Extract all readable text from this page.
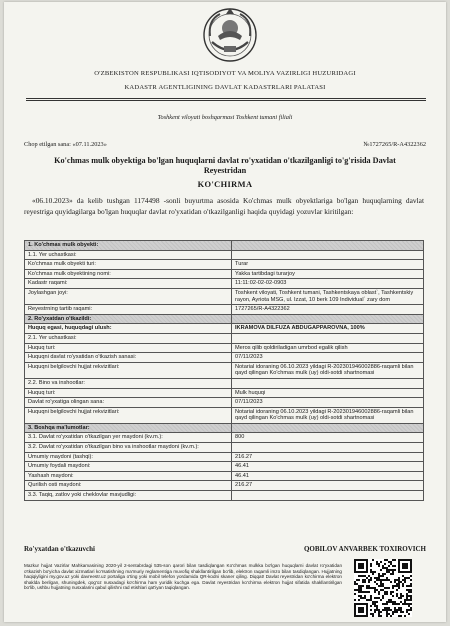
O'ZBEKISTON RESPUBLIKASI IQTISODIYOT VA MOLIYA VAZIRLIGI HUZURIDAGI
KADASTR AGENTLIGINING DAVLAT KADASTRLARI PALATASI
Toshkent viloyati boshqarmasi Toshkent tumani filiali
Chop etilgan sana: «07.11.2023»	№1727265/R-A4322362
Ko'chmas mulk obyektiga bo'lgan huquqlarni davlat ro'yxatidan o'tkazilganligi to'g'risida Davlat Reyestridan
KO'CHIRMA
«06.10.2023» da kelib tushgan 1174498 -sonli buyurtma asosida Ko'chmas mulk obyektlariga bo'lgan huquqlarning davlat reyestriga quyidagilarga bo'lgan huquqlar davlat ro'yxatidan o'tkazilganligi haqida quyidagi yozuvlar kiritilgan:
1. Ko'chmas mulk obyekti:	
1.1. Yer uchastkasi:	
Ko'chmas mulk obyekti turi:	Turar
Ko'chmas mulk obyektining nomi:	Yakka tartibdagi turarjoy
Kadastr raqami:	11:11:02-02-02-0903
Joylashgan joyi:	Toshkent viloyati, Toshkent tumani, Tashkentskaya oblast`, Tashkentskiy rayon, Ayriota MSG, ul. Izzat, 10 berk 109 Individual` zary dom
Reyestrning tartib raqami:	1727265/R-A4322362
2. Ro'yxatdan o'tkazildi:	
Huquq egasi, huquqdagi ulush:	IKRAMOVA DILFUZA ABDUGAPPAROVNA, 100%
2.1. Yer uchastkasi:	
Huquq turi:	Meros qilib qoldiriladigan umrbod egalik qilish
Huquqni davlat ro'yxatidan o'tkazish sanasi:	07/11/2023
Huquqni belgilovchi hujjat rekvizitlari:	Notarial idoraning 06.10.2023 yildagi R-202301946002886-raqamli bilan qayd qilingan Ko'chmas mulk (uy) oldi-sotdi shartnomasi
2.2. Bino va inshootlar:	
Huquq turi:	Mulk huquqi
Davlat ro'yxatiga olingan sana:	07/11/2023
Huquqni belgilovchi hujjat rekvizitlari:	Notarial idoraning 06.10.2023 yildagi R-202301946002886-raqamli bilan qayd qilingan Ko'chmas mulk (uy) oldi-sotdi shartnomasi
3. Boshqa ma'lumotlar:	
3.1. Davlat ro'yxatidan o'tkazilgan yer maydoni (kv.m.):	800
3.2. Davlat ro'yxatidan o'tkazilgan bino va inshootlar maydoni (kv.m.):	
Umumiy maydoni (tashqi):	216.27
Umumiy foydali maydoni:	46.41
Yashash maydoni:	46.41
Qurilish osti maydoni:	216.27
3.3. Taqiq, zatlov yoki cheklovlar mavjudligi:	
Ro'yxatdan o'tkazuvchi	QOBILOV ANVARBEK TOXIROVICH
Mazkur hujjat Vazirlar Mahkamasining 2020-yil 2-sentabrdagi 535-son qarori bilan tasdiqlangan Ko'chmas mulkka bo'lgan huquqlarni davlat ro'yxatidan o'tkazish bo'yicha davlat xizmatlari ko'rsatishning ma'muriy reglamentiga muvofiq shakllantirilgan bo'lib, elektron raqamli imzo bilan tasdiqlangan. Hujjatning haqiqiyligini my.gov.uz yoki davreestr.uz portaliga o'ting yoki mobil telefon yordamida QR-kodni skaner qiling. Diqqat! Davlat reyestridan ko'chirma elektron shaklda berilgan, shuningdek, qog'oz nusxadagi ko'chirma ham yuridik kuchga ega. Davlat reyestridan ko'chirma elektron hujjat sifatida shakllantirilgan bo'lib, ushbu hujjatning nusxalarini qabul qilishni rad etishlari qat'iyan taqiqlangan.
